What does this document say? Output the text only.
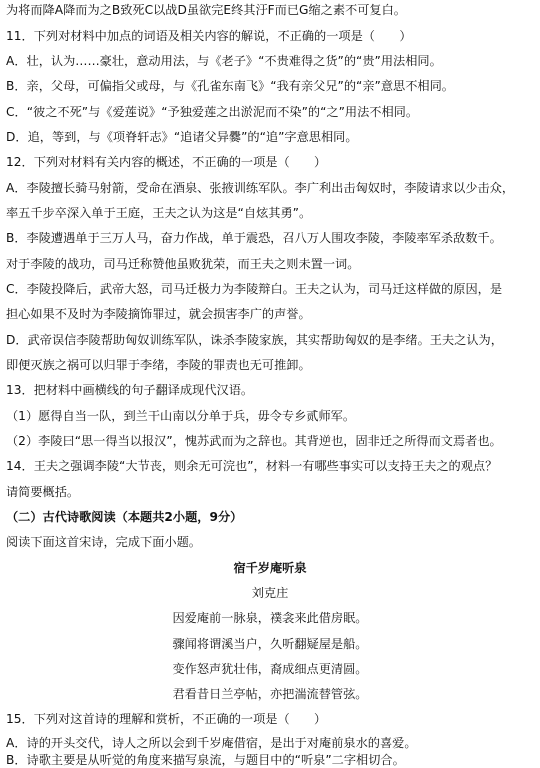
为将而降A降而为之B致死C以战D虽欲完E终其汙F而已G缩之素不可复白。
11．下列对材料中加点的词语及相关内容的解说，不正确的一项是（　　）
A．壮，认为……豪壮，意动用法，与《老子》“不贵难得之货”的“贵”用法相同。
B．亲，父母，可偏指父或母，与《孔雀东南飞》“我有亲父兄”的“亲”意思不相同。
C．“彼之不死”与《爱莲说》“予独爱莲之出淤泥而不染”的“之”用法不相同。
D．追，等到，与《项脊轩志》“追诸父异爨”的“追”字意思相同。
12．下列对材料有关内容的概述，不正确的一项是（　　）
A．李陵擅长骑马射箭，受命在酒泉、张掖训练军队。李广利出击匈奴时，李陵请求以少击众，
率五千步卒深入单于王庭，王夫之认为这是“自炫其勇”。
B．李陵遭遇单于三万人马，奋力作战，单于震恐，召八万人围攻李陵，李陵率军杀敌数千。
对于李陵的战功，司马迁称赞他虽败犹荣，而王夫之则未置一词。
C．李陵投降后，武帝大怒，司马迁极力为李陵辩白。王夫之认为，司马迁这样做的原因，是
担心如果不及时为李陵摘饰罪过，就会损害李广的声誉。
D．武帝误信李陵帮助匈奴训练军队，诛杀李陵家族，其实帮助匈奴的是李绪。王夫之认为，
即便灭族之祸可以归罪于李绪，李陵的罪责也无可推卸。
13．把材料中画横线的句子翻译成现代汉语。
（1）愿得自当一队，到兰干山南以分单于兵，毋令专乡贰师军。
（2）李陵曰“思一得当以报汉”，愧苏武而为之辞也。其背逆也，固非迁之所得而文焉者也。
14．王夫之强调李陵“大节丧，则余无可浣也”，材料一有哪些事实可以支持王夫之的观点？
请简要概括。
（二）古代诗歌阅读（本题共2小题，9分）
阅读下面这首宋诗，完成下面小题。
宿千岁庵听泉
刘克庄
因爱庵前一脉泉，襆衾来此借房眠。
骤闻将谓溪当户，久听翻疑屋是船。
变作怒声犹壮伟，裔成细点更清圆。
君看昔日兰亭帖，亦把湍流替管弦。
15．下列对这首诗的理解和赏析，不正确的一项是（　　）
A．诗的开头交代，诗人之所以会到千岁庵借宿，是出于对庵前泉水的喜爱。
B．诗歌主要是从听觉的角度来描写泉流，与题目中的“听泉”二字相切合。
